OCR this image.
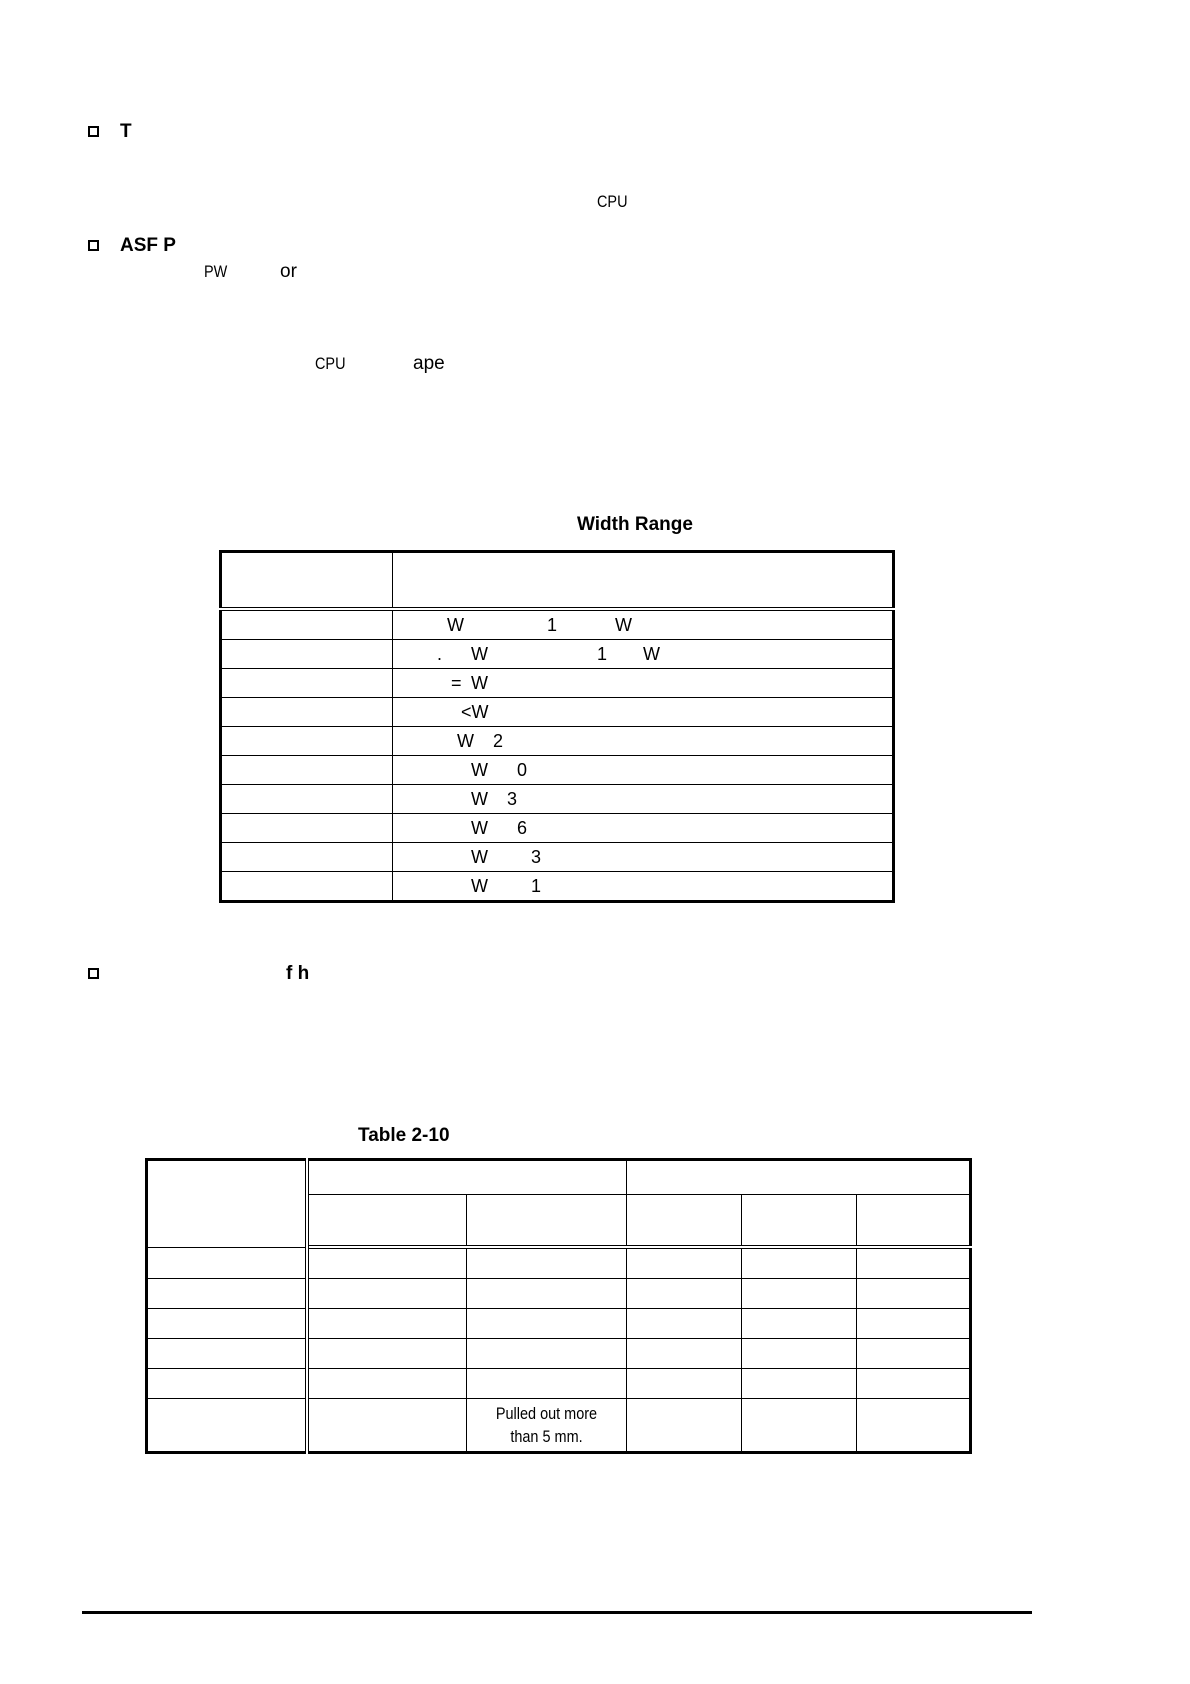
T
CPU
ASF P
PW	or
CPU	ape
Width Range

	W 1 W

	. W 1 W

	= W

	<W

	W 2

	W 0

	W 3

	W 6

	W 3

	W 1
f h
Table 2-10

		Pulled out more
than 5 mm.			
